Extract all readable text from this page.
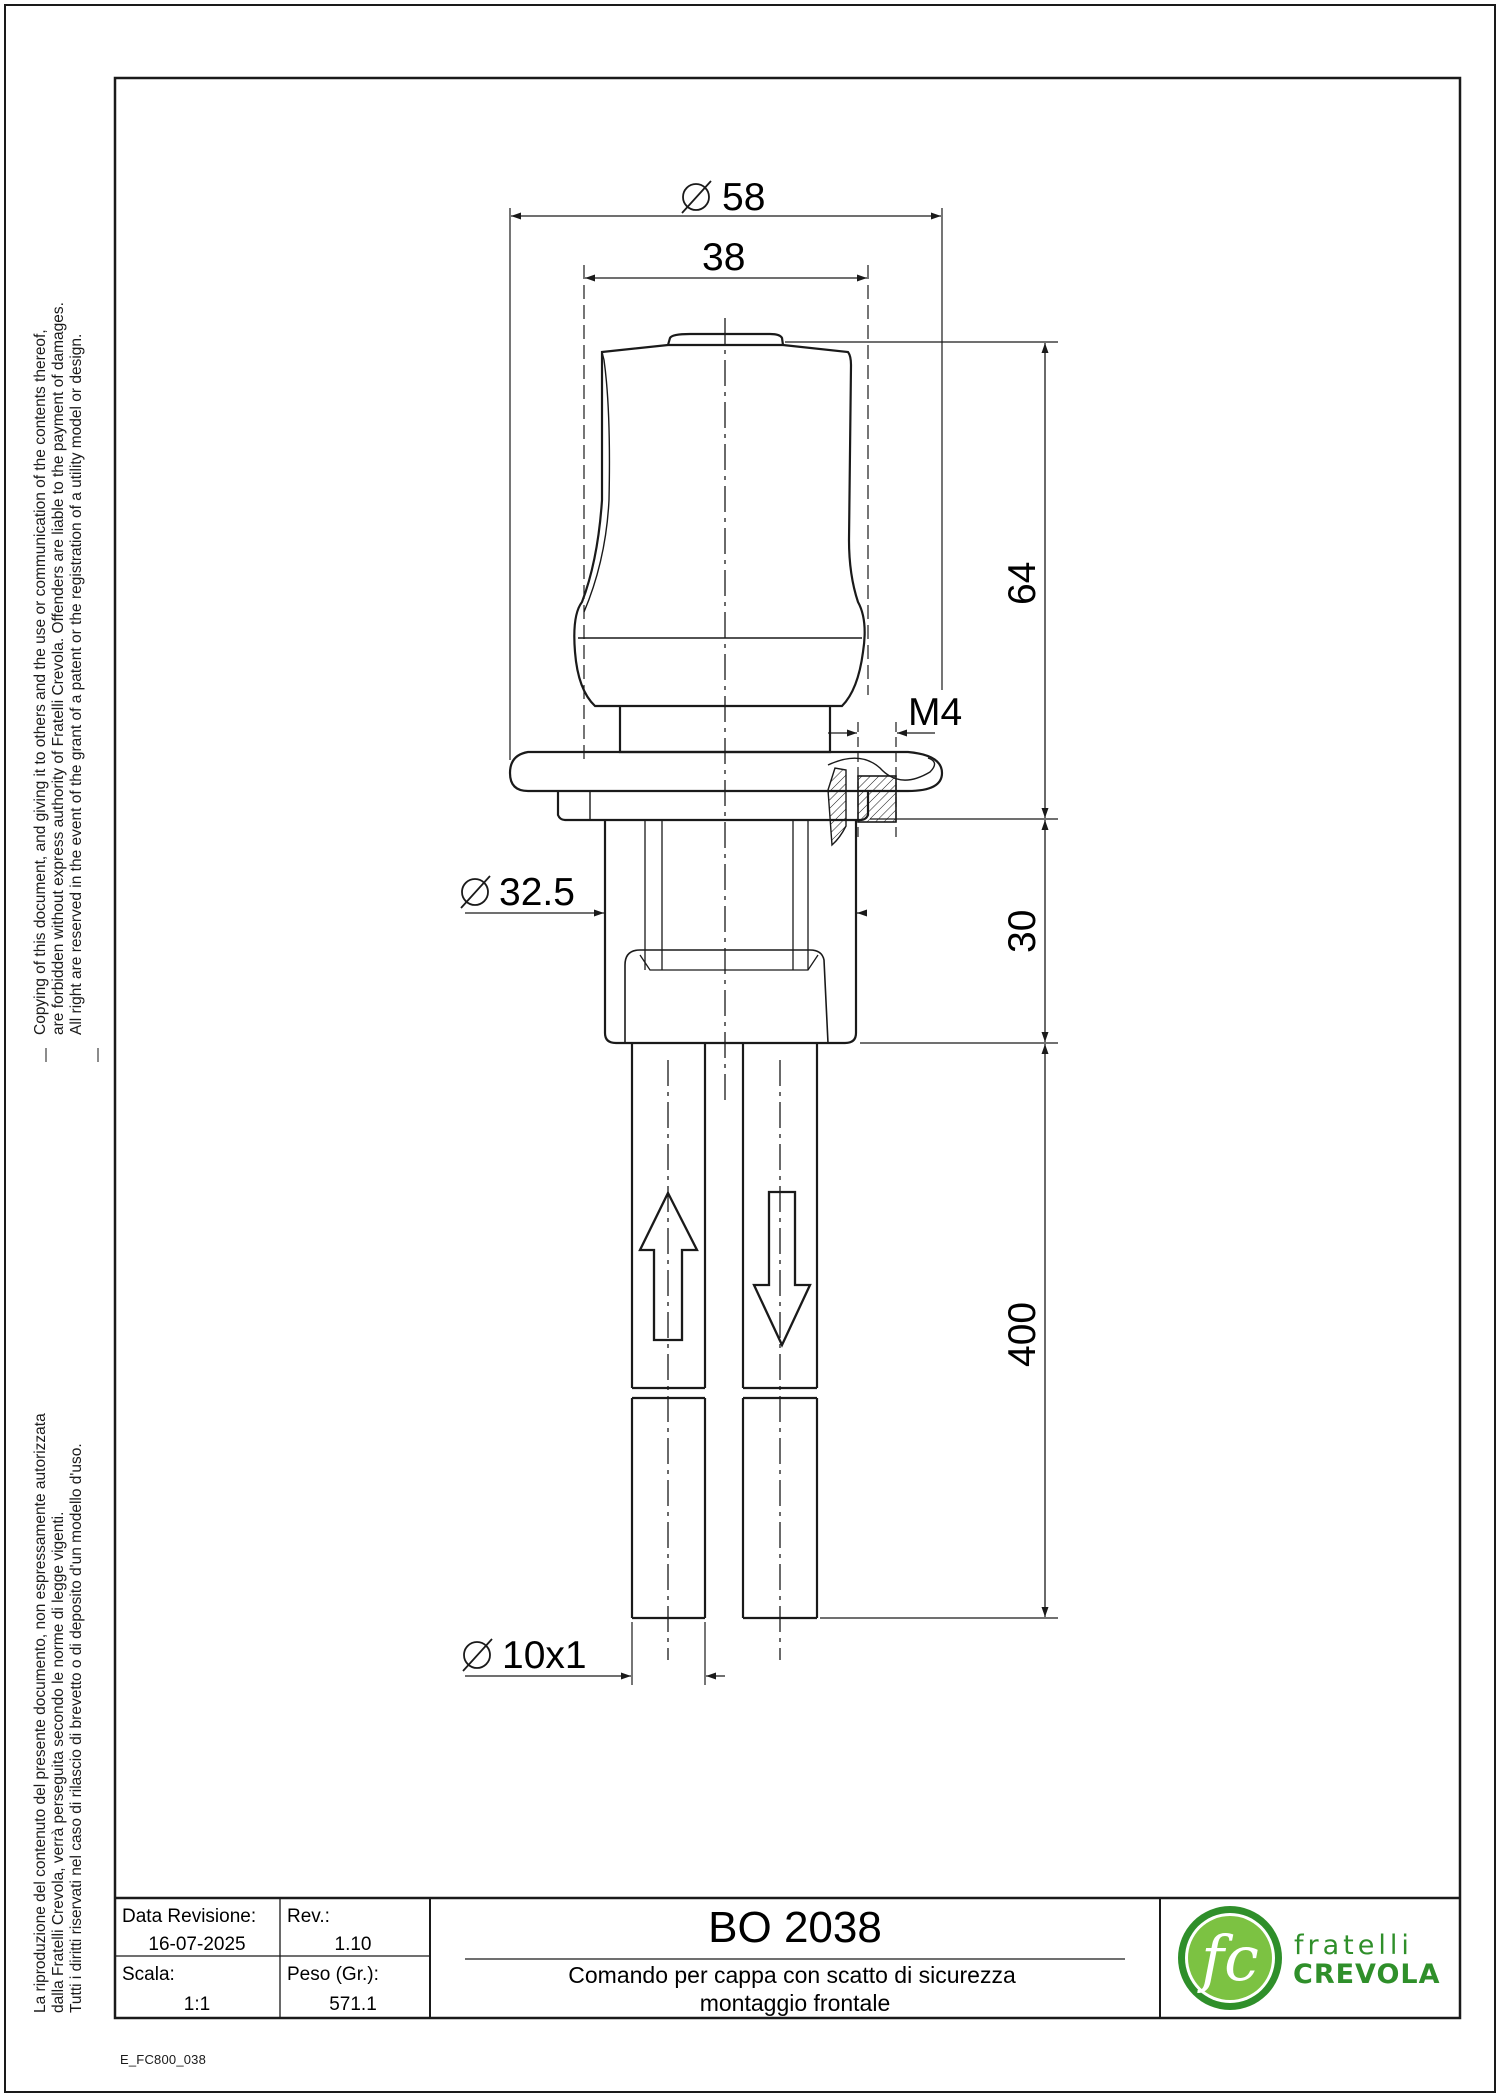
58
38
64
M4
32.5
30
400
10x1
Data Revisione:
16-07-2025
Rev.:
1.10
Scala:
1:1
Peso (Gr.):
571.1
BO 2038
Comando per cappa con scatto di sicurezza
montaggio frontale
fc fratelli
CREVOLA
Copying of this document, and giving it to others and the use or communication of the contents thereof, are forbidden without express authority of Fratelli Crevola. Offenders are liable to the payment of damages. All right are reserved in the event of the grant of a patent or the registration of a utility model or design.
La riproduzione del contenuto del presente documento, non espressamente autorizzata dalla Fratelli Crevola, verrà perseguita secondo le norme di legge vigenti. Tutti i diritti riservati nel caso di rilascio di brevetto o di deposito d'un modello d'uso.
E_FC800_038
